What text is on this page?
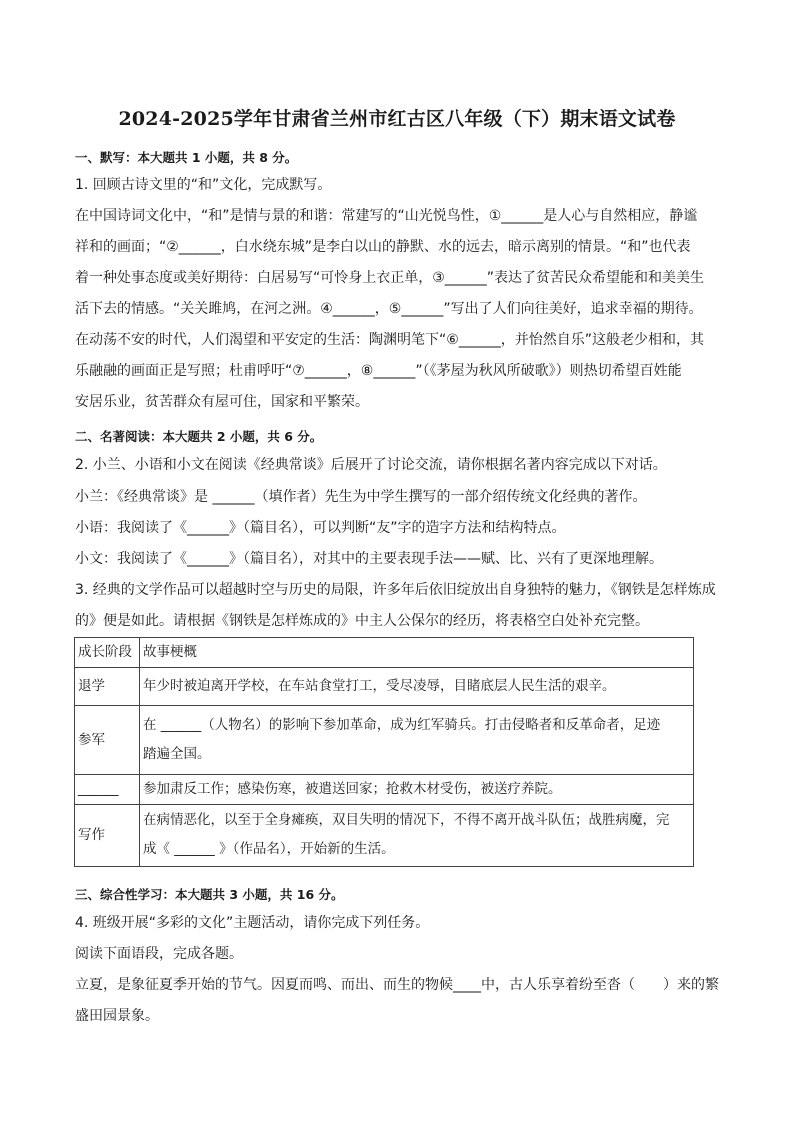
2024-2025学年甘肃省兰州市红古区八年级（下）期末语文试卷
一、默写：本大题共 1 小题，共 8 分。
1. 回顾古诗文里的“和”文化，完成默写。
在中国诗词文化中，“和”是情与景的和谐：常建写的“山光悦鸟性，①______是人心与自然相应，静谧
祥和的画面；“②______，白水绕东城”是李白以山的静默、水的远去，暗示离别的情景。“和”也代表
着一种处事态度或美好期待：白居易写“可怜身上衣正单，③______”表达了贫苦民众希望能和和美美生
活下去的情感。“关关雎鸠，在河之洲。④______，⑤______”写出了人们向往美好，追求幸福的期待。
在动荡不安的时代，人们渴望和平安定的生活：陶渊明笔下“⑥______，并怡然自乐”这般老少相和，其
乐融融的画面正是写照；杜甫呼吁“⑦______，⑧______”（《茅屋为秋风所破歌》）则热切希望百姓能
安居乐业，贫苦群众有屋可住，国家和平繁荣。
二、名著阅读：本大题共 2 小题，共 6 分。
2. 小兰、小语和小文在阅读《经典常谈》后展开了讨论交流，请你根据名著内容完成以下对话。
小兰：《经典常谈》是 ______（填作者）先生为中学生撰写的一部介绍传统文化经典的著作。
小语：我阅读了《______》（篇目名），可以判断“友”字的造字方法和结构特点。
小文：我阅读了《______》（篇目名），对其中的主要表现手法——赋、比、兴有了更深地理解。
3. 经典的文学作品可以超越时空与历史的局限，许多年后依旧绽放出自身独特的魅力，《钢铁是怎样炼成
的》便是如此。请根据《钢铁是怎样炼成的》中主人公保尔的经历，将表格空白处补充完整。
成长阶段	故事梗概
退学	年少时被迫离开学校，在车站食堂打工，受尽凌辱，目睹底层人民生活的艰辛。
参军	在 ______（人物名）的影响下参加革命，成为红军骑兵。打击侵略者和反革命者，足迹
踏遍全国。

______	参加肃反工作；感染伤寒，被遣送回家；抢救木材受伤，被送疗养院。
写作	在病情恶化，以至于全身瘫痪，双目失明的情况下，不得不离开战斗队伍；战胜病魔，完
成《 ______ 》（作品名），开始新的生活。
三、综合性学习：本大题共 3 小题，共 16 分。
4. 班级开展“多彩的文化”主题活动，请你完成下列任务。
阅读下面语段，完成各题。
立夏，是象征夏季开始的节气。因夏而鸣、而出、而生的物候____中，古人乐享着纷至沓（　　）来的繁
盛田园景象。
